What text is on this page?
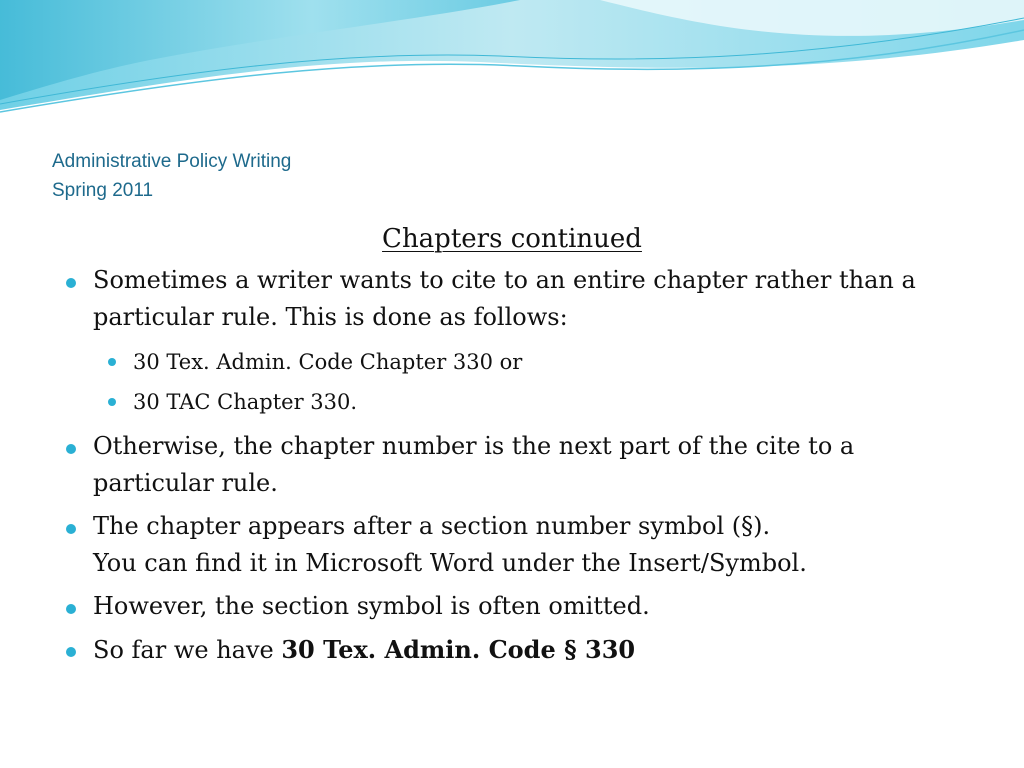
Administrative Policy Writing
Spring 2011
Chapters continued
Sometimes a writer wants to cite to an entire chapter rather than a particular rule. This is done as follows:
30 Tex. Admin. Code Chapter 330 or
30 TAC Chapter 330.
Otherwise, the chapter number is the next part of the cite to a particular rule.
The chapter appears after a section number symbol (§).
You can find it in Microsoft Word under the Insert/Symbol.
However, the section symbol is often omitted.
So far we have 30 Tex. Admin. Code § 330
